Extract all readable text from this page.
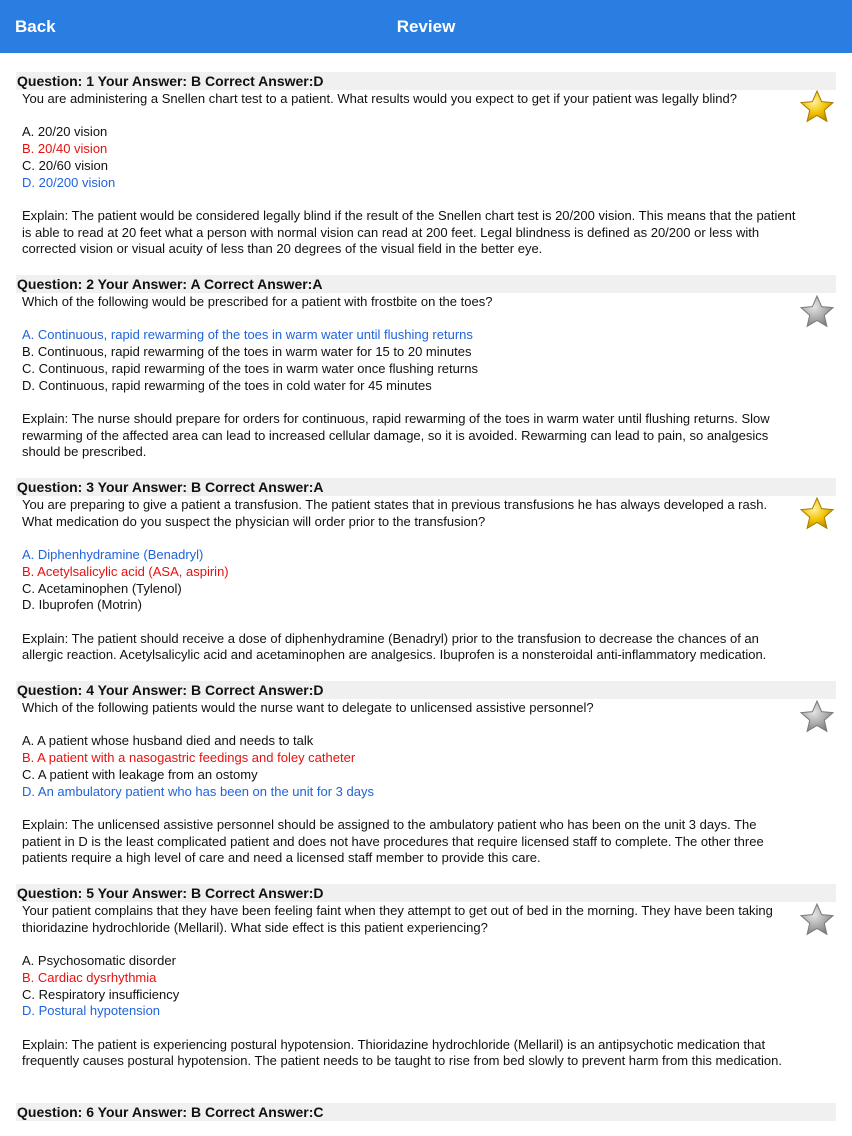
Back	Review
Question: 1 Your Answer: B Correct Answer:D
You are administering a Snellen chart test to a patient. What results would you expect to get if your patient was legally blind?
A. 20/20 vision
B. 20/40 vision
C. 20/60 vision
D. 20/200 vision
Explain: The patient would be considered legally blind if the result of the Snellen chart test is 20/200 vision. This means that the patient is able to read at 20 feet what a person with normal vision can read at 200 feet. Legal blindness is defined as 20/200 or less with corrected vision or visual acuity of less than 20 degrees of the visual field in the better eye.
Question: 2 Your Answer: A Correct Answer:A
Which of the following would be prescribed for a patient with frostbite on the toes?
A. Continuous, rapid rewarming of the toes in warm water until flushing returns
B. Continuous, rapid rewarming of the toes in warm water for 15 to 20 minutes
C. Continuous, rapid rewarming of the toes in warm water once flushing returns
D. Continuous, rapid rewarming of the toes in cold water for 45 minutes
Explain: The nurse should prepare for orders for continuous, rapid rewarming of the toes in warm water until flushing returns. Slow rewarming of the affected area can lead to increased cellular damage, so it is avoided. Rewarming can lead to pain, so analgesics should be prescribed.
Question: 3 Your Answer: B Correct Answer:A
You are preparing to give a patient a transfusion. The patient states that in previous transfusions he has always developed a rash. What medication do you suspect the physician will order prior to the transfusion?
A. Diphenhydramine (Benadryl)
B. Acetylsalicylic acid (ASA, aspirin)
C. Acetaminophen (Tylenol)
D. Ibuprofen (Motrin)
Explain: The patient should receive a dose of diphenhydramine (Benadryl) prior to the transfusion to decrease the chances of an allergic reaction. Acetylsalicylic acid and acetaminophen are analgesics. Ibuprofen is a nonsteroidal anti-inflammatory medication.
Question: 4 Your Answer: B Correct Answer:D
Which of the following patients would the nurse want to delegate to unlicensed assistive personnel?
A. A patient whose husband died and needs to talk
B. A patient with a nasogastric feedings and foley catheter
C. A patient with leakage from an ostomy
D. An ambulatory patient who has been on the unit for 3 days
Explain: The unlicensed assistive personnel should be assigned to the ambulatory patient who has been on the unit 3 days. The patient in D is the least complicated patient and does not have procedures that require licensed staff to complete. The other three patients require a high level of care and need a licensed staff member to provide this care.
Question: 5 Your Answer: B Correct Answer:D
Your patient complains that they have been feeling faint when they attempt to get out of bed in the morning. They have been taking thioridazine hydrochloride (Mellaril). What side effect is this patient experiencing?
A. Psychosomatic disorder
B. Cardiac dysrhythmia
C. Respiratory insufficiency
D. Postural hypotension
Explain: The patient is experiencing postural hypotension. Thioridazine hydrochloride (Mellaril) is an antipsychotic medication that frequently causes postural hypotension. The patient needs to be taught to rise from bed slowly to prevent harm from this medication.
Question: 6 Your Answer: B Correct Answer:C
